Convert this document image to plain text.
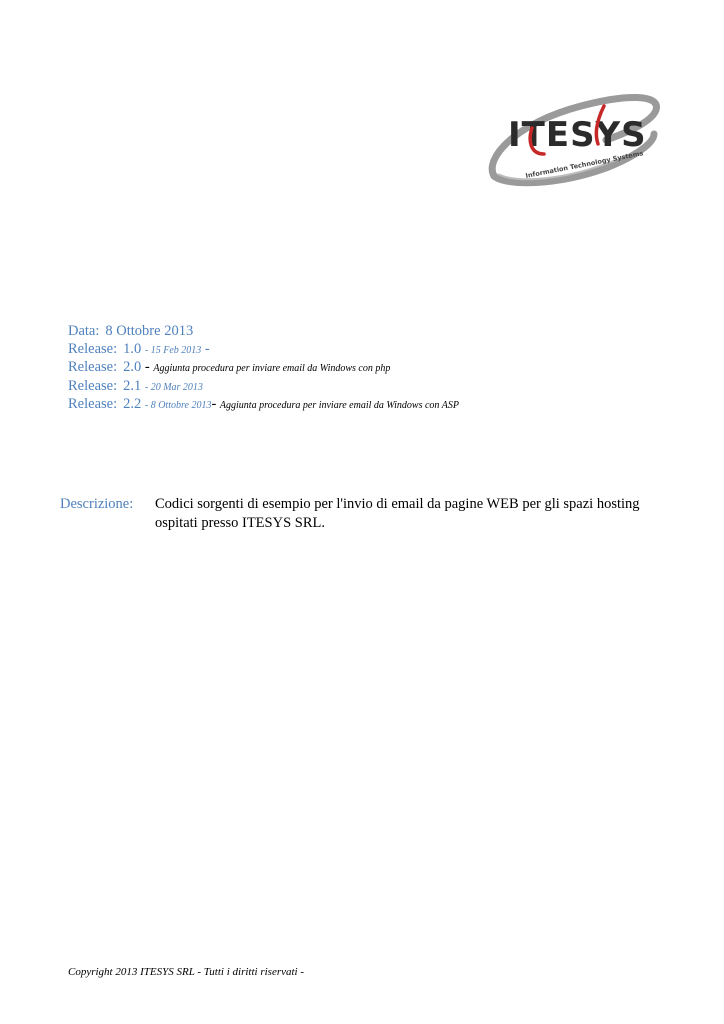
ITESYS
Information Technology Systems
Data: 8 Ottobre 2013
Release: 1.0 - 15 Feb 2013 -
Release: 2.0 - Aggiunta procedura per inviare email da Windows con php
Release: 2.1 - 20 Mar 2013
Release: 2.2 - 8 Ottobre 2013- Aggiunta procedura per inviare email da Windows con ASP
Descrizione: Codici sorgenti di esempio per l'invio di email da pagine WEB per gli spazi hosting ospitati presso ITESYS SRL.
Copyright 2013 ITESYS SRL - Tutti i diritti riservati -
